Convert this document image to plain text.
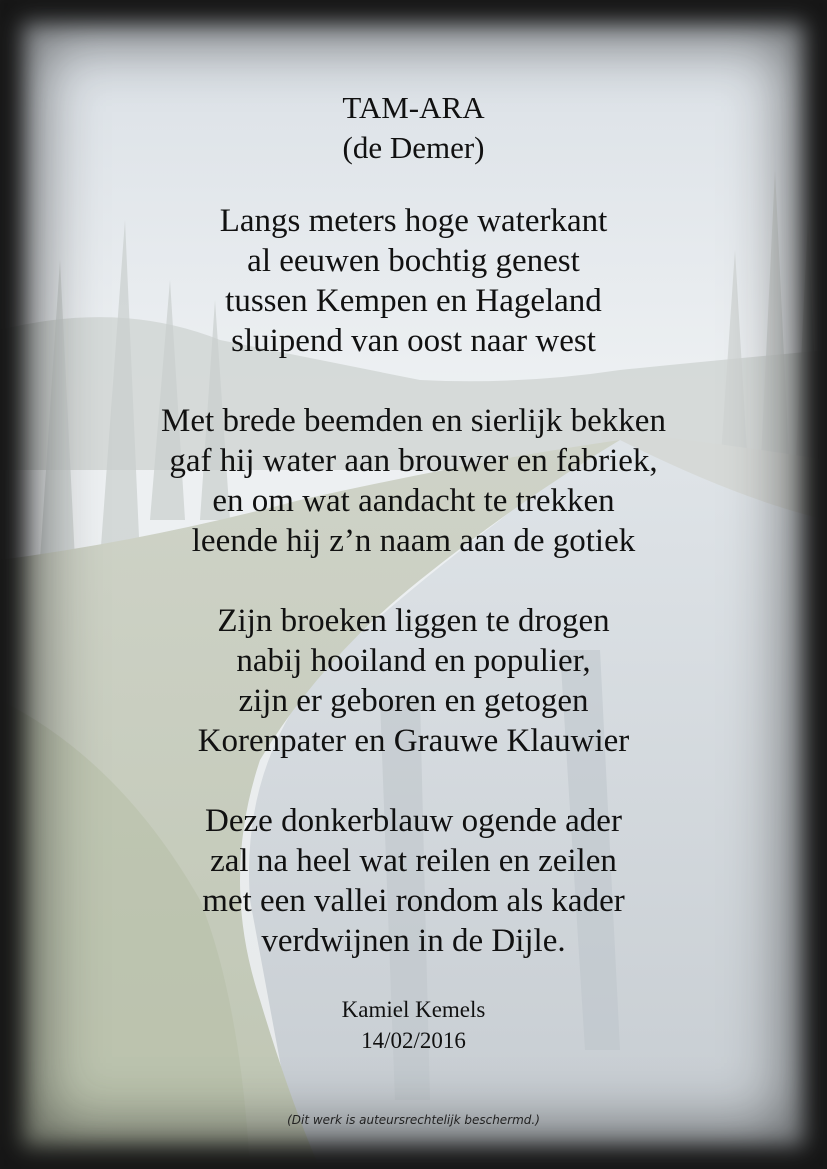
TAM-ARA
(de Demer)
Langs meters hoge waterkant
al eeuwen bochtig genest
tussen Kempen en Hageland
sluipend van oost naar west
Met brede beemden en sierlijk bekken
gaf hij water aan brouwer en fabriek,
en om wat aandacht te trekken
leende hij z’n naam aan de gotiek
Zijn broeken liggen te drogen
nabij hooiland en populier,
zijn er geboren en getogen
Korenpater en Grauwe Klauwier
Deze donkerblauw ogende ader
zal na heel wat reilen en zeilen
met een vallei rondom als kader
verdwijnen in de Dijle.
Kamiel Kemels
14/02/2016
(Dit werk is auteursrechtelijk beschermd.)
